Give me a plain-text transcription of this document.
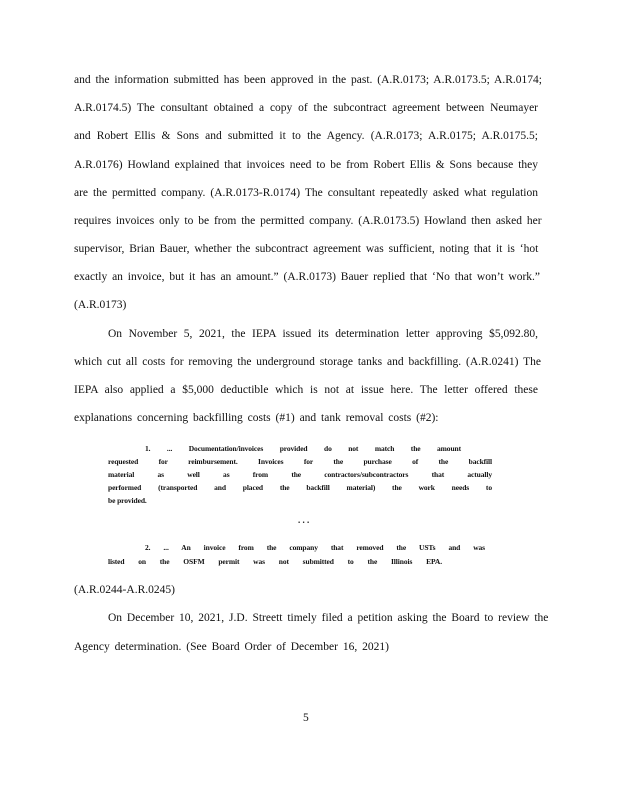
and the information submitted has been approved in the past. (A.R.0173; A.R.0173.5; A.R.0174;
A.R.0174.5) The consultant obtained a copy of the subcontract agreement between Neumayer
and Robert Ellis & Sons and submitted it to the Agency. (A.R.0173; A.R.0175; A.R.0175.5;
A.R.0176) Howland explained that invoices need to be from Robert Ellis & Sons because they
are the permitted company. (A.R.0173-R.0174) The consultant repeatedly asked what regulation
requires invoices only to be from the permitted company. (A.R.0173.5) Howland then asked her
supervisor, Brian Bauer, whether the subcontract agreement was sufficient, noting that it is ‘hot
exactly an invoice, but it has an amount.” (A.R.0173) Bauer replied that ‘No that won’t work.”
(A.R.0173)
On November 5, 2021, the IEPA issued its determination letter approving $5,092.80,
which cut all costs for removing the underground storage tanks and backfilling. (A.R.0241) The
IEPA also applied a $5,000 deductible which is not at issue here. The letter offered these
explanations concerning backfilling costs (#1) and tank removal costs (#2):
1. ... Documentation/invoices provided do not match the amount
requested for reimbursement. Invoices for the purchase of the backfill
material as well as from the contractors/subcontractors that actually
performed (transported and placed the backfill material) the work needs to
be provided.
. . .
2. ... An invoice from the company that removed the USTs and was
listed on the OSFM permit was not submitted to the Illinois EPA.
(A.R.0244-A.R.0245)
On December 10, 2021, J.D. Streett timely filed a petition asking the Board to review the
Agency determination. (See Board Order of December 16, 2021)
5
